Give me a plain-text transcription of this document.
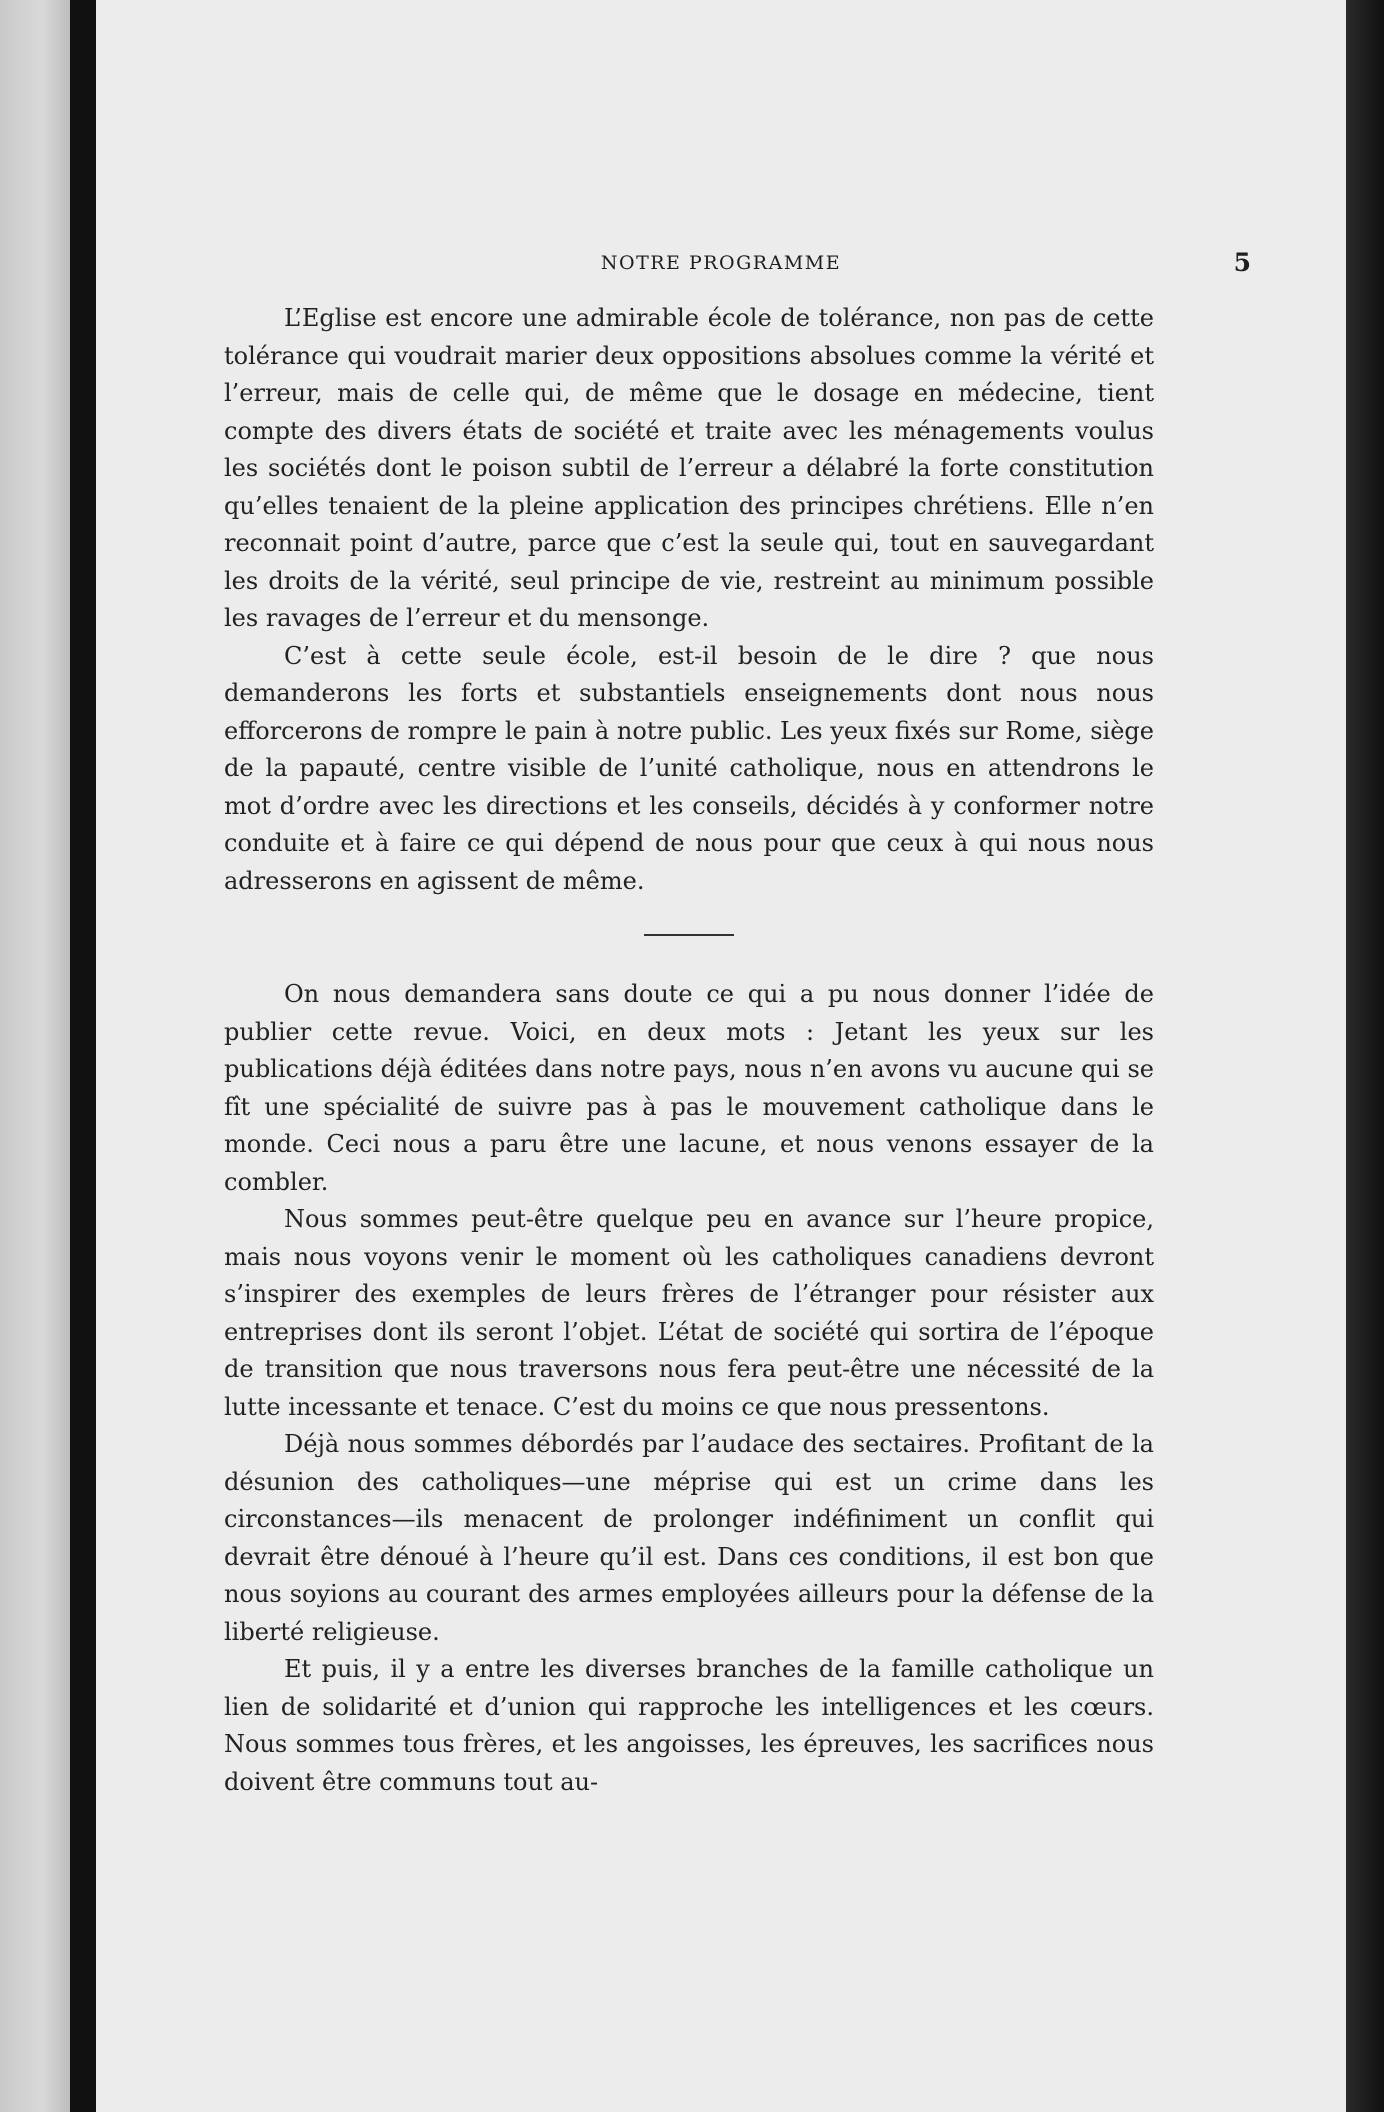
NOTRE PROGRAMME	5

L’Eglise est encore une admirable école de tolérance, non pas de cette tolérance qui voudrait marier deux oppositions absolues comme la vérité et l’erreur, mais de celle qui, de même que le dosage en médecine, tient compte des divers états de société et traite avec les ménagements voulus les sociétés dont le poison subtil de l’erreur a délabré la forte constitution qu’elles tenaient de la pleine application des principes chrétiens. Elle n’en reconnait point d’autre, parce que c’est la seule qui, tout en sauvegardant les droits de la vérité, seul principe de vie, restreint au minimum possible les ravages de l’erreur et du mensonge.

C’est à cette seule école, est-il besoin de le dire ? que nous demanderons les forts et substantiels enseignements dont nous nous efforcerons de rompre le pain à notre public. Les yeux fixés sur Rome, siège de la papauté, centre visible de l’unité catholique, nous en attendrons le mot d’ordre avec les directions et les conseils, décidés à y conformer notre conduite et à faire ce qui dépend de nous pour que ceux à qui nous nous adresserons en agissent de même.

On nous demandera sans doute ce qui a pu nous donner l’idée de publier cette revue. Voici, en deux mots : Jetant les yeux sur les publications déjà éditées dans notre pays, nous n’en avons vu aucune qui se fît une spécialité de suivre pas à pas le mouvement catholique dans le monde. Ceci nous a paru être une lacune, et nous venons essayer de la combler.

Nous sommes peut-être quelque peu en avance sur l’heure propice, mais nous voyons venir le moment où les catholiques canadiens devront s’inspirer des exemples de leurs frères de l’étranger pour résister aux entreprises dont ils seront l’objet. L’état de société qui sortira de l’époque de transition que nous traversons nous fera peut-être une nécessité de la lutte incessante et tenace. C’est du moins ce que nous pressentons.

Déjà nous sommes débordés par l’audace des sectaires. Profitant de la désunion des catholiques—une méprise qui est un crime dans les circonstances—ils menacent de prolonger indéfiniment un conflit qui devrait être dénoué à l’heure qu’il est. Dans ces conditions, il est bon que nous soyions au courant des armes employées ailleurs pour la défense de la liberté religieuse.

Et puis, il y a entre les diverses branches de la famille catholique un lien de solidarité et d’union qui rapproche les intelligences et les cœurs. Nous sommes tous frères, et les angoisses, les épreuves, les sacrifices nous doivent être communs tout au-
